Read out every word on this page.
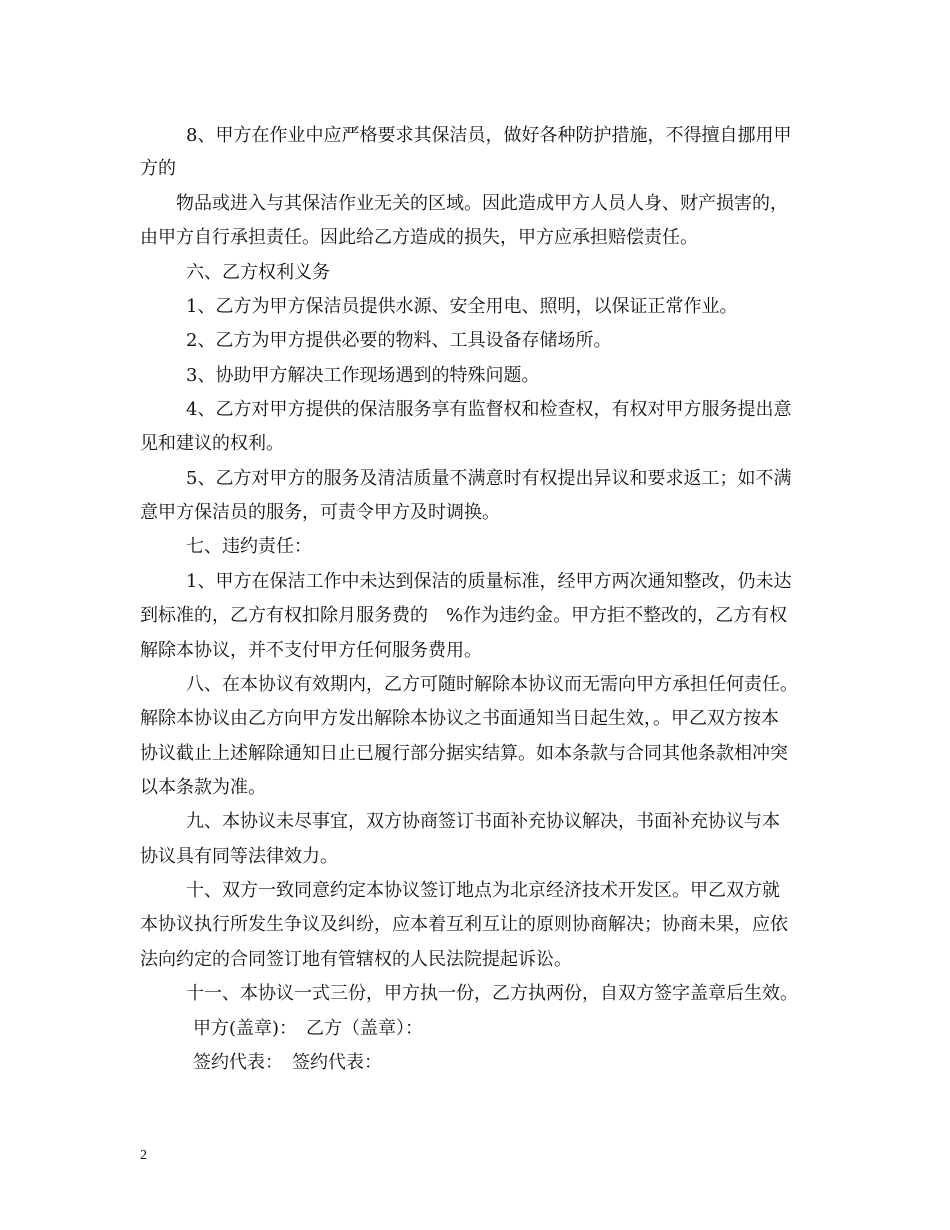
8、甲方在作业中应严格要求其保洁员，做好各种防护措施，不得擅自挪用甲
方的
物品或进入与其保洁作业无关的区域。因此造成甲方人员人身、财产损害的，
由甲方自行承担责任。因此给乙方造成的损失，甲方应承担赔偿责任。
六、乙方权利义务
1、乙方为甲方保洁员提供水源、安全用电、照明，以保证正常作业。
2、乙方为甲方提供必要的物料、工具设备存储场所。
3、协助甲方解决工作现场遇到的特殊问题。
4、乙方对甲方提供的保洁服务享有监督权和检查权，有权对甲方服务提出意
见和建议的权利。
5、乙方对甲方的服务及清洁质量不满意时有权提出异议和要求返工；如不满
意甲方保洁员的服务，可责令甲方及时调换。
七、违约责任：
1、甲方在保洁工作中未达到保洁的质量标准，经甲方两次通知整改，仍未达
到标准的，乙方有权扣除月服务费的　%作为违约金。甲方拒不整改的，乙方有权
解除本协议，并不支付甲方任何服务费用。
八、在本协议有效期内，乙方可随时解除本协议而无需向甲方承担任何责任。
解除本协议由乙方向甲方发出解除本协议之书面通知当日起生效，。甲乙双方按本
协议截止上述解除通知日止已履行部分据实结算。如本条款与合同其他条款相冲突
以本条款为准。
九、本协议未尽事宜，双方协商签订书面补充协议解决，书面补充协议与本
协议具有同等法律效力。
十、双方一致同意约定本协议签订地点为北京经济技术开发区。甲乙双方就
本协议执行所发生争议及纠纷，应本着互利互让的原则协商解决；协商未果，应依
法向约定的合同签订地有管辖权的人民法院提起诉讼。
十一、本协议一式三份，甲方执一份，乙方执两份，自双方签字盖章后生效。
甲方(盖章)：　乙方（盖章）：
签约代表：　签约代表：
2
